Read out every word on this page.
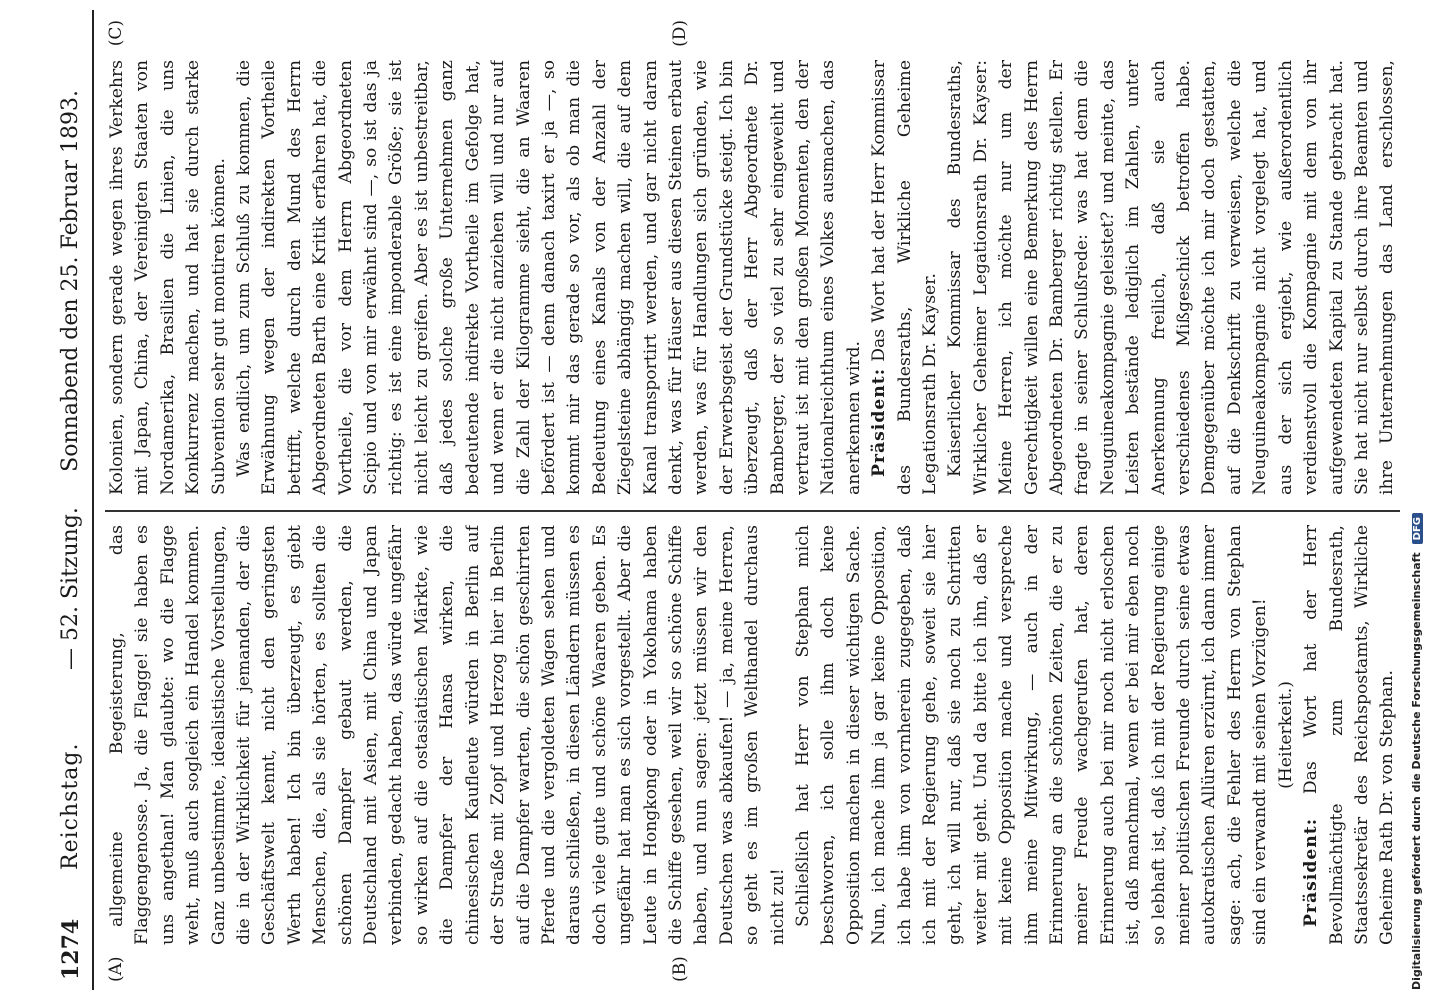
1274
Reichstag.
— 52. Sitzung.
Sonnabend den 25. Februar 1893.
(A)	(B)
(C)	(D)

allgemeine Begeisterung, das Flaggengenosse. Ja, die Flagge! sie haben es uns angethan! Man glaubte: wo die Flagge weht, muß auch sogleich ein Handel kommen. Ganz unbestimmte, idealistische Vorstellungen, die in der Wirklichkeit für jemanden, der die Geschäftswelt kennt, nicht den geringsten Werth haben! Ich bin überzeugt, es giebt Menschen, die, als sie hörten, es sollten die schönen Dampfer gebaut werden, die Deutschland mit Asien, mit China und Japan verbinden, gedacht haben, das würde ungefähr so wirken auf die ostasiatischen Märkte, wie die Dampfer der Hansa wirken, die chinesischen Kaufleute würden in Berlin auf der Straße mit Zopf und Herzog hier in Berlin auf die Dampfer warten, die schön geschirrten Pferde und die vergoldeten Wagen sehen und daraus schließen, in diesen Ländern müssen es doch viele gute und schöne Waaren geben. Es ungefähr hat man es sich vorgestellt. Aber die Leute in Hongkong oder in Yokohama haben die Schiffe gesehen, weil wir so schöne Schiffe haben, und nun sagen: jetzt müssen wir den Deutschen was abkaufen! — ja, meine Herren, so geht es im großen Welthandel durchaus nicht zu! Schließlich hat Herr von Stephan mich beschworen, ich solle ihm doch keine Opposition machen in dieser wichtigen Sache. Nun, ich mache ihm ja gar keine Opposition, ich habe ihm von vornherein zugegeben, daß ich mit der Regierung gehe, soweit sie hier geht, ich will nur, daß sie noch zu Schritten weiter mit geht. Und da bitte ich ihn, daß er mit keine Opposition mache und verspreche ihm meine Mitwirkung, — auch in der Erinnerung an die schönen Zeiten, die er zu meiner Freude wachgerufen hat, deren Erinnerung auch bei mir noch nicht erloschen ist, daß manchmal, wenn er bei mir eben noch so lebhaft ist, daß ich mit der Regierung einige meiner politischen Freunde durch seine etwas autokratischen Allüren erzürnt, ich dann immer sage: ach, die Fehler des Herrn von Stephan sind ein verwandt mit seinen Vorzügen! (Heiterkeit.)

Präsident: Das Wort hat der Herr Bevollmächtigte zum Bundesrath, Staatssekretär des Reichspostamts, Wirkliche Geheime Rath Dr. von Stephan.

Kolonien, sondern gerade wegen ihres Verkehrs mit Japan, China, der Vereinigten Staaten von Nordamerika, Brasilien die Linien, die uns Konkurrenz machen, und hat sie durch starke Subvention sehr gut montiren können. Was endlich, um zum Schluß zu kommen, die Erwähnung wegen der indirekten Vortheile betrifft, welche durch den Mund des Herrn Abgeordneten Barth eine Kritik erfahren hat, die Vortheile, die vor dem Herrn Abgeordneten Scipio und von mir erwähnt sind —, so ist das ja richtig: es ist eine imponderable Größe; sie ist nicht leicht zu greifen. Aber es ist unbestreitbar, daß jedes solche große Unternehmen ganz bedeutende indirekte Vortheile im Gefolge hat, und wenn er die nicht anziehen will und nur auf die Zahl der Kilogramme sieht, die an Waaren befördert ist — denn danach taxirt er ja —, so kommt mir das gerade so vor, als ob man die Bedeutung eines Kanals von der Anzahl der Ziegelsteine abhängig machen will, die auf dem Kanal transportirt werden, und gar nicht daran denkt, was für Häuser aus diesen Steinen erbaut werden, was für Handlungen sich gründen, wie der Erwerbsgeist der Grundstücke steigt. Ich bin überzeugt, daß der Herr Abgeordnete Dr. Bamberger, der so viel zu sehr eingeweiht und vertraut ist mit den großen Momenten, den der Nationalreichthum eines Volkes ausmachen, das anerkennen wird. Präsident: Das Wort hat der Herr Kommissar des Bundesraths, Wirkliche Geheime Legationsrath Dr. Kayser. Kaiserlicher Kommissar des Bundesraths, Wirklicher Geheimer Legationsrath Dr. Kayser: Meine Herren, ich möchte nur um der Gerechtigkeit willen eine Bemerkung des Herrn Abgeordneten Dr. Bamberger richtig stellen. Er fragte in seiner Schlußrede: was hat denn die Neuguineakompagnie geleistet? und meinte, das Leisten bestände lediglich im Zahlen, unter Anerkennung freilich, daß sie auch verschiedenes Mißgeschick betroffen habe. Demgegenüber möchte ich mir doch gestatten, auf die Denkschrift zu verweisen, welche die Neuguineakompagnie nicht vorgelegt hat, und aus der sich ergiebt, wie außerordentlich verdienstvoll die Kompagnie mit dem von ihr aufgewendeten Kapital zu Stande gebracht hat. Sie hat nicht nur selbst durch ihre Beamten und ihre Unternehmungen das Land erschlossen,

Digitalisierung gefördert durch die Deutsche ForschungsgemeinschaftDFG
